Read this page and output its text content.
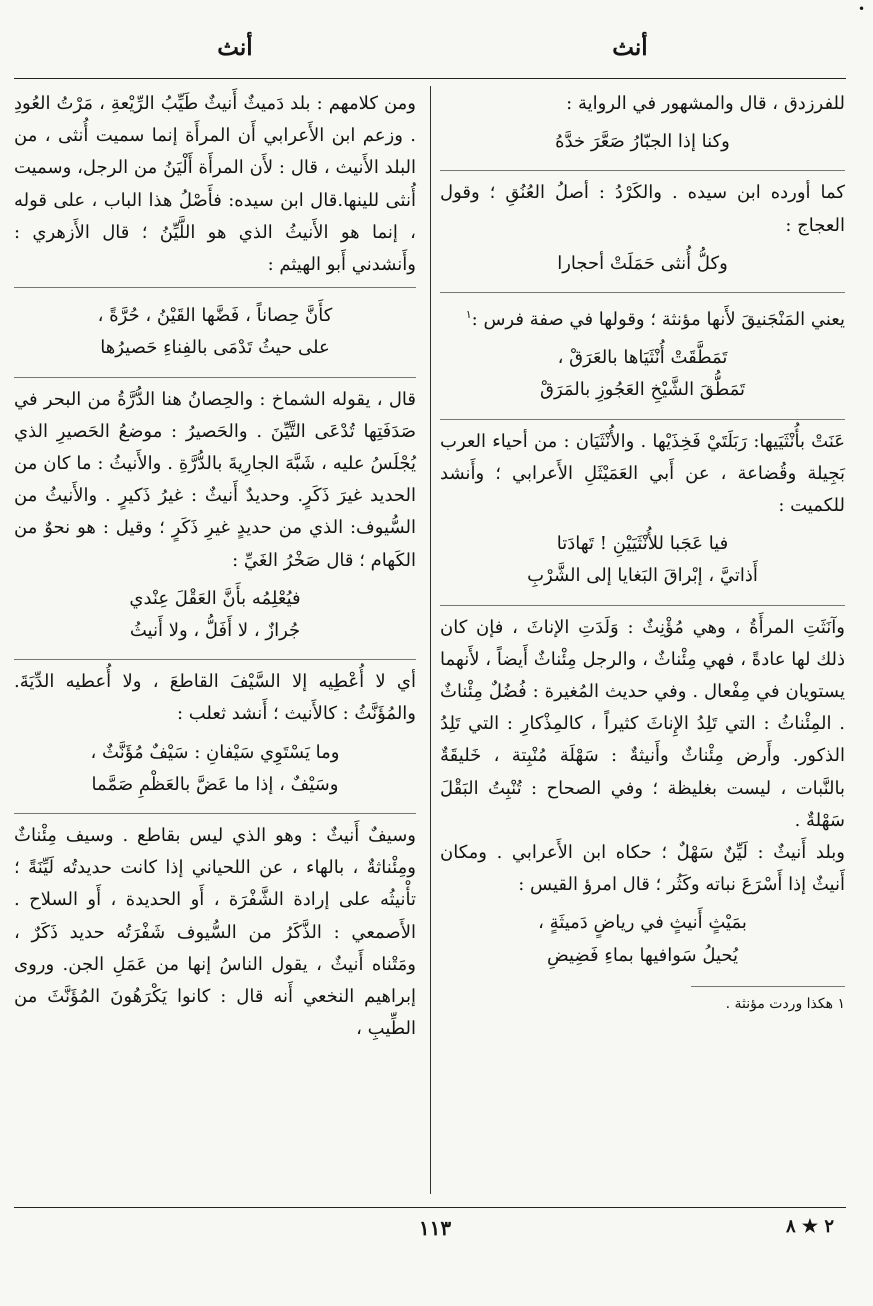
•
أنث
أنث

للفرزدق ، قال والمشهور في الرواية :

وكنا إذا الجبّارُ صَعَّرَ خدَّهُ

كما أورده ابن سيده . والكَرْدُ : أصلُ العُنُقِ ؛ وقول العجاج :

وكلُّ أُنثى حَمَلَتْ أحجارا

يعني المَنْجَنيقَ لأَنها مؤنثة ؛ وقولها في صفة فرس :$^١$

تَمَطَّقَتْ أُنْثَيَاها بالعَرَقْ ،

تَمَطُّقَ الشَّيْخِ العَجُوزِ بالمَرَقْ

عَنَتْ بأُنْثَيَيها: رَبَلَتَيْ فَخِذَيْها . والأُنْثَيَان : من أحياء العرب بَجِيلة وقُضاعة ، عن أَبي العَمَيْثَلِ الأَعرابي ؛ وأَنشد للكميت :

فيا عَجَبا للأُنْثَيَيْنِ ! تَهادَتا

أَذاتيَّ ، إبْراقَ البَغايا إلى الشَّرْبِ

وآنَثَتِ المرأَةُ ، وهي مُؤْنِثٌ : وَلَدَتِ الإناثَ ، فإن كان ذلك لها عادةً ، فهي مِئْناثٌ ، والرجل مِئْناثٌ أَيضاً ، لأَنهما يستويان في مِفْعال . وفي حديث المُغيرة : فُضُلٌ مِئْناثٌ . المِئْناثُ : التي تَلِدُ الإِناثَ كثيراً ، كالمِذْكارِ : التي تَلِدُ الذكور. وأَرض مِئْناثٌ وأَنيثةٌ : سَهْلَة مُنْبِتة ، خَليقَةٌ بالنَّبات ، ليست بغليظة ؛ وفي الصحاح : تُنْبِتُ البَقْلَ سَهْلةٌ .

وبلد أَنيثٌ : لَيِّنٌ سَهْلٌ ؛ حكاه ابن الأَعرابي . ومكان أَنيثٌ إذا أَسْرَعَ نباته وكَثُر ؛ قال امرؤ القيس :

بمَيْثٍ أَنيثٍ في رياضٍ دَميثَةٍ ،

يُحيلُ سَوافيها بماءِ فَضِيضِ

١ هكذا وردت مؤنثة .

ومن كلامهم : بلد دَميثٌ أَنيثٌ طَيِّبُ الرِّيْعةِ ، مَرْتُ العُودِ . وزعم ابن الأَعرابي أَن المرأَة إنما سميت أُنثى ، من البلد الأَنيث ، قال : لأَن المرأَة أَلْيَنُ من الرجل، وسميت أُنثى للينها.قال ابن سيده: فأَصْلُ هذا الباب ، على قوله ، إنما هو الأَنيثُ الذي هو اللَّيِّنُ ؛ قال الأَزهري : وأَنشدني أَبو الهيثم :

كأَنَّ حِصاناً ، فَضَّها القَيْنُ ، حُرَّةً ،

على حيثُ تَدْمَى بالفِناءِ حَصيرُها

قال ، يقوله الشماخ : والحِصانُ هنا الدُّرَّةُ من البحر في صَدَفَتِها تُدْعَى التَّيِّنَ . والحَصيرُ : موضعُ الحَصيرِ الذي يُجْلَسُ عليه ، شَبَّهَ الجارِيةَ بالدُّرَّةِ . والأَنيثُ : ما كان من الحديد غيرَ ذَكَرٍ. وحديدٌ أَنيثٌ : غيرُ ذَكيرٍ . والأَنيثُ من السُّيوف: الذي من حديدٍ غيرِ ذَكَرٍ ؛ وقيل : هو نحوٌ من الكَهام ؛ قال صَخْرُ الغَيِّ :

فيُعْلِمُه بأَنَّ العَقْلَ عِنْدي

جُرازٌ ، لا أَفَلُّ ، ولا أَنيثُ

أي لا أُعْطِيه إلا السَّيْفَ القاطعَ ، ولا أُعطيه الدِّيَةَ. والمُؤَنَّثُ : كالأَنيث ؛ أَنشد ثعلب :

وما يَسْتَوِي سَيْفانِ : سَيْفٌ مُؤَنَّثٌ ،

وسَيْفٌ ، إذا ما عَضَّ بالعَظْمِ صَمَّما

وسيفٌ أَنيثٌ : وهو الذي ليس بقاطع . وسيف مِئْناثٌ ومِئْناثةٌ ، بالهاء ، عن اللحياني إذا كانت حديدتُه لَيِّنَةً ؛ تأْنيثُه على إرادة الشَّفْرَة ، أَو الحديدة ، أَو السلاح . الأَصمعي : الذَّكَرُ من السُّيوف شَفْرَتُه حديد ذَكَرٌ ، ومَتْناه أَنيثٌ ، يقول الناسُ إنها من عَمَلِ الجن. وروى إبراهيم النخعي أَنه قال : كانوا يَكْرَهُونَ المُؤَنَّثَ من الطِّيبِ ،

١١٣	٢ ★ ٨
